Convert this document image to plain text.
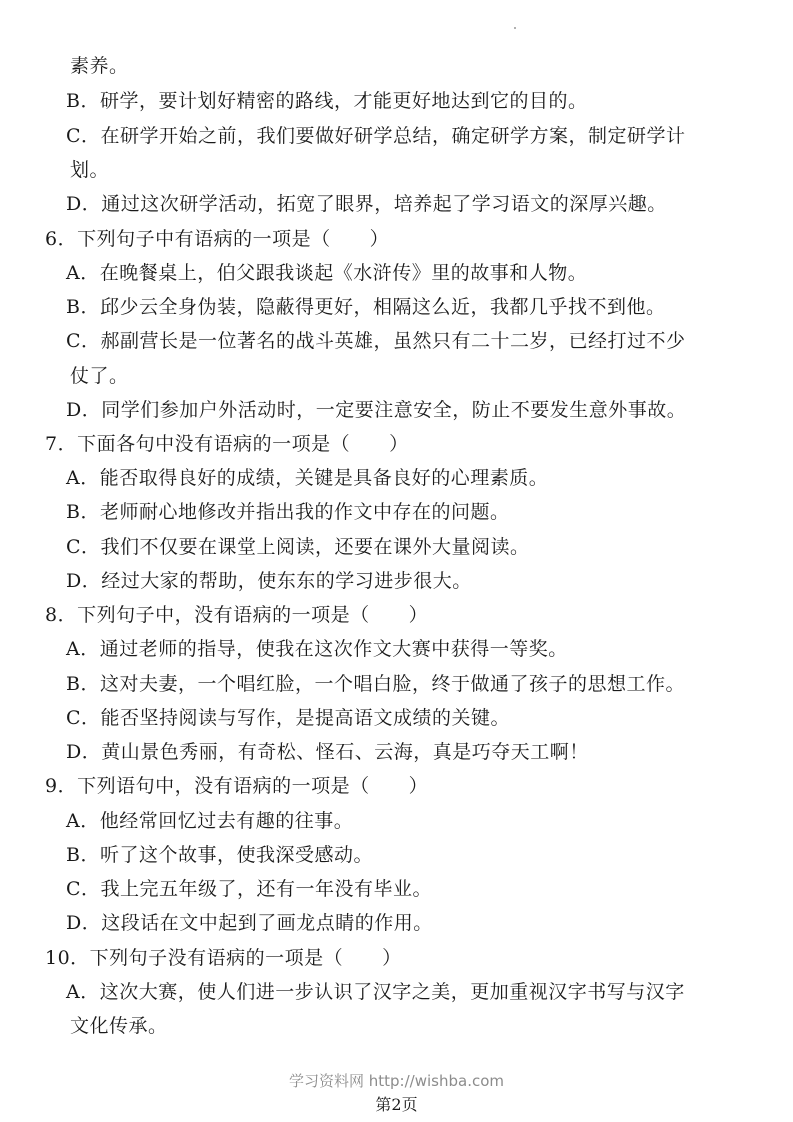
素养。
B．研学，要计划好精密的路线，才能更好地达到它的目的。
C．在研学开始之前，我们要做好研学总结，确定研学方案，制定研学计
划。
D．通过这次研学活动，拓宽了眼界，培养起了学习语文的深厚兴趣。
6．下列句子中有语病的一项是（　　）
A．在晚餐桌上，伯父跟我谈起《水浒传》里的故事和人物。
B．邱少云全身伪装，隐蔽得更好，相隔这么近，我都几乎找不到他。
C．郝副营长是一位著名的战斗英雄，虽然只有二十二岁，已经打过不少
仗了。
D．同学们参加户外活动时，一定要注意安全，防止不要发生意外事故。
7．下面各句中没有语病的一项是（　　）
A．能否取得良好的成绩，关键是具备良好的心理素质。
B．老师耐心地修改并指出我的作文中存在的问题。
C．我们不仅要在课堂上阅读，还要在课外大量阅读。
D．经过大家的帮助，使东东的学习进步很大。
8．下列句子中，没有语病的一项是（　　）
A．通过老师的指导，使我在这次作文大赛中获得一等奖。
B．这对夫妻，一个唱红脸，一个唱白脸，终于做通了孩子的思想工作。
C．能否坚持阅读与写作，是提高语文成绩的关键。
D．黄山景色秀丽，有奇松、怪石、云海，真是巧夺天工啊！
9．下列语句中，没有语病的一项是（　　）
A．他经常回忆过去有趣的往事。
B．听了这个故事，使我深受感动。
C．我上完五年级了，还有一年没有毕业。
D．这段话在文中起到了画龙点睛的作用。
10．下列句子没有语病的一项是（　　）
A．这次大赛，使人们进一步认识了汉字之美，更加重视汉字书写与汉字
文化传承。
学习资料网 http://wishba.com
第2页
